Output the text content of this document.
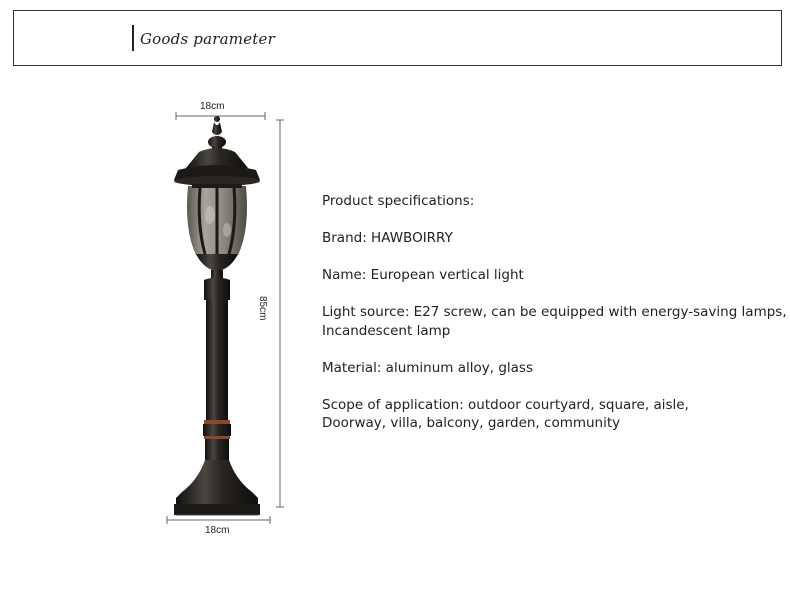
Goods parameter
18cm
85cm
18cm

Product specifications:

Brand: HAWBOIRRY

Name: European vertical light

Light source: E27 screw, can be equipped with energy-saving lamps,
Incandescent lamp

Material: aluminum alloy, glass

Scope of application: outdoor courtyard, square, aisle,
Doorway, villa, balcony, garden, community
